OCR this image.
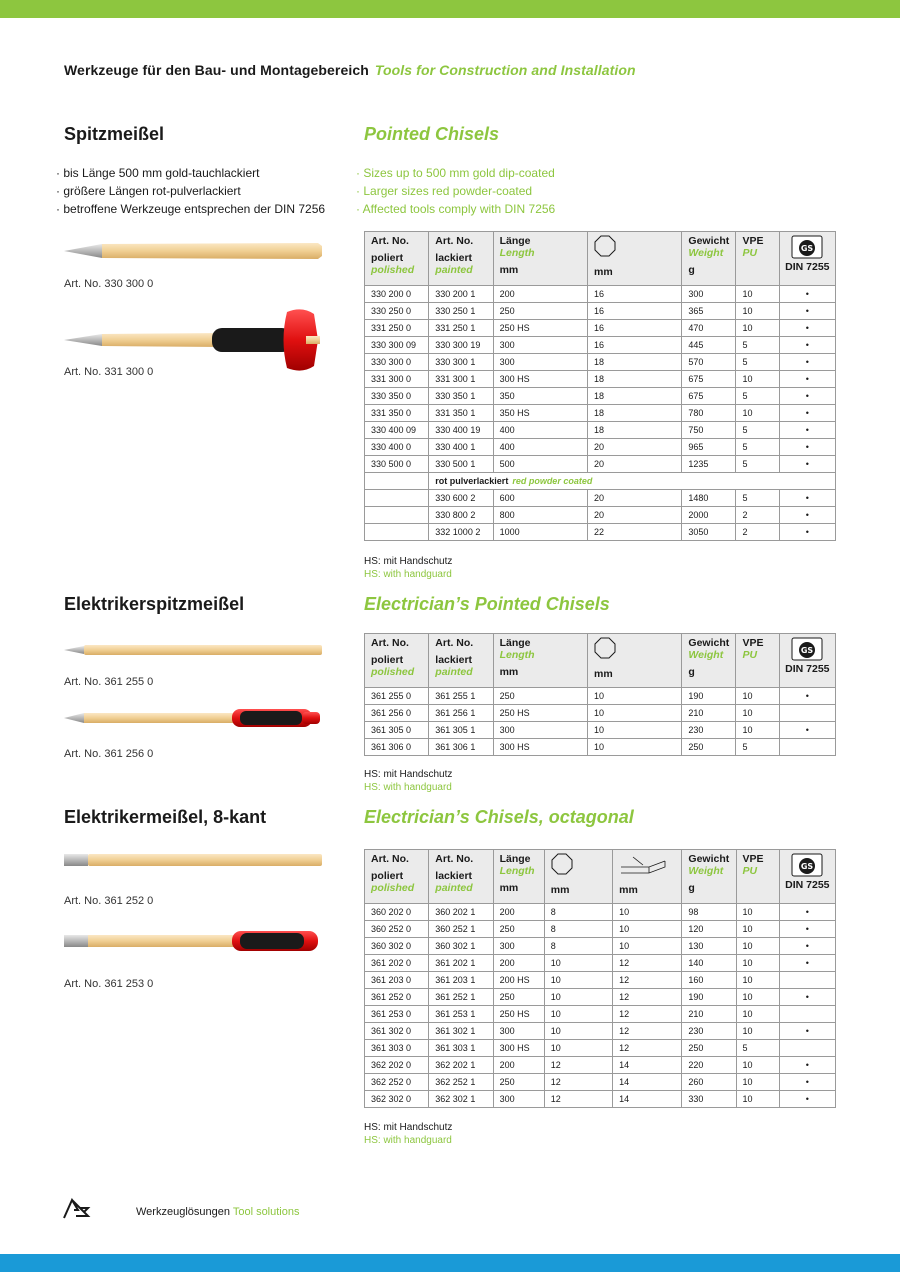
Werkzeuge für den Bau- und Montagebereich Tools for Construction and Installation
Spitzmeißel	Pointed Chisels
· bis Länge 500 mm gold-tauchlackiert
· größere Längen rot-pulverlackiert
· betroffene Werkzeuge entsprechen der DIN 7256
· Sizes up to 500 mm gold dip-coated
· Larger sizes red powder-coated
· Affected tools comply with DIN 7256
Art. No. 330 300 0
Art. No. 331 300 0
Art. No.
poliert
polished	Art. No.
lackiert
painted	Länge
Length
mm	mm	Gewicht
Weight
g	VPE
PU	GS
DIN 7255

330 200 0	330 200 1	200	16	300	10	•
330 250 0	330 250 1	250	16	365	10	•
331 250 0	331 250 1	250 HS	16	470	10	•
330 300 09	330 300 19	300	16	445	5	•
330 300 0	330 300 1	300	18	570	5	•
331 300 0	331 300 1	300 HS	18	675	10	•
330 350 0	330 350 1	350	18	675	5	•
331 350 0	331 350 1	350 HS	18	780	10	•
330 400 09	330 400 19	400	18	750	5	•
330 400 0	330 400 1	400	20	965	5	•
330 500 0	330 500 1	500	20	1235	5	•
	rot pulverlackiert red powder coated					
	330 600 2	600	20	1480	5	•
	330 800 2	800	20	2000	2	•
	332 1000 2	1000	22	3050	2	•
HS: mit Handschutz
HS: with handguard
Elektrikerspitzmeißel	Electrician’s Pointed Chisels
Art. No. 361 255 0
Art. No. 361 256 0
Art. No.
poliert
polished	Art. No.
lackiert
painted	Länge
Length
mm	mm	Gewicht
Weight
g	VPE
PU	GS
DIN 7255

361 255 0	361 255 1	250	10	190	10	•
361 256 0	361 256 1	250 HS	10	210	10	
361 305 0	361 305 1	300	10	230	10	•
361 306 0	361 306 1	300 HS	10	250	5	
HS: mit Handschutz
HS: with handguard
Elektrikermeißel, 8-kant	Electrician’s Chisels, octagonal
Art. No. 361 252 0
Art. No. 361 253 0
Art. No.
poliert
polished	Art. No.
lackiert
painted	Länge
Length
mm	mm	mm	Gewicht
Weight
g	VPE
PU	GS
DIN 7255

360 202 0	360 202 1	200	8	10	98	10	•
360 252 0	360 252 1	250	8	10	120	10	•
360 302 0	360 302 1	300	8	10	130	10	•
361 202 0	361 202 1	200	10	12	140	10	•
361 203 0	361 203 1	200 HS	10	12	160	10	
361 252 0	361 252 1	250	10	12	190	10	•
361 253 0	361 253 1	250 HS	10	12	210	10	
361 302 0	361 302 1	300	10	12	230	10	•
361 303 0	361 303 1	300 HS	10	12	250	5	
362 202 0	362 202 1	200	12	14	220	10	•
362 252 0	362 252 1	250	12	14	260	10	•
362 302 0	362 302 1	300	12	14	330	10	•
HS: mit Handschutz
HS: with handguard
Werkzeuglösungen Tool solutions
